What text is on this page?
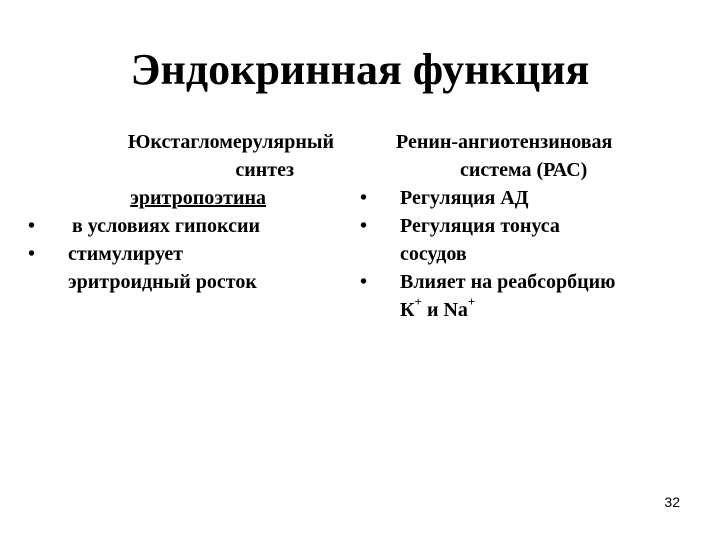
Эндокринная функция
Юкстагломерулярный
синтез
эритропоэтина
• в условиях гипоксии
• стимулирует
эритроидный росток
Ренин-ангиотензиновая
система (РАС)
• Регуляция АД
• Регуляция тонуса
сосудов
• Влияет на реабсорбцию
К+ и Na+
32
